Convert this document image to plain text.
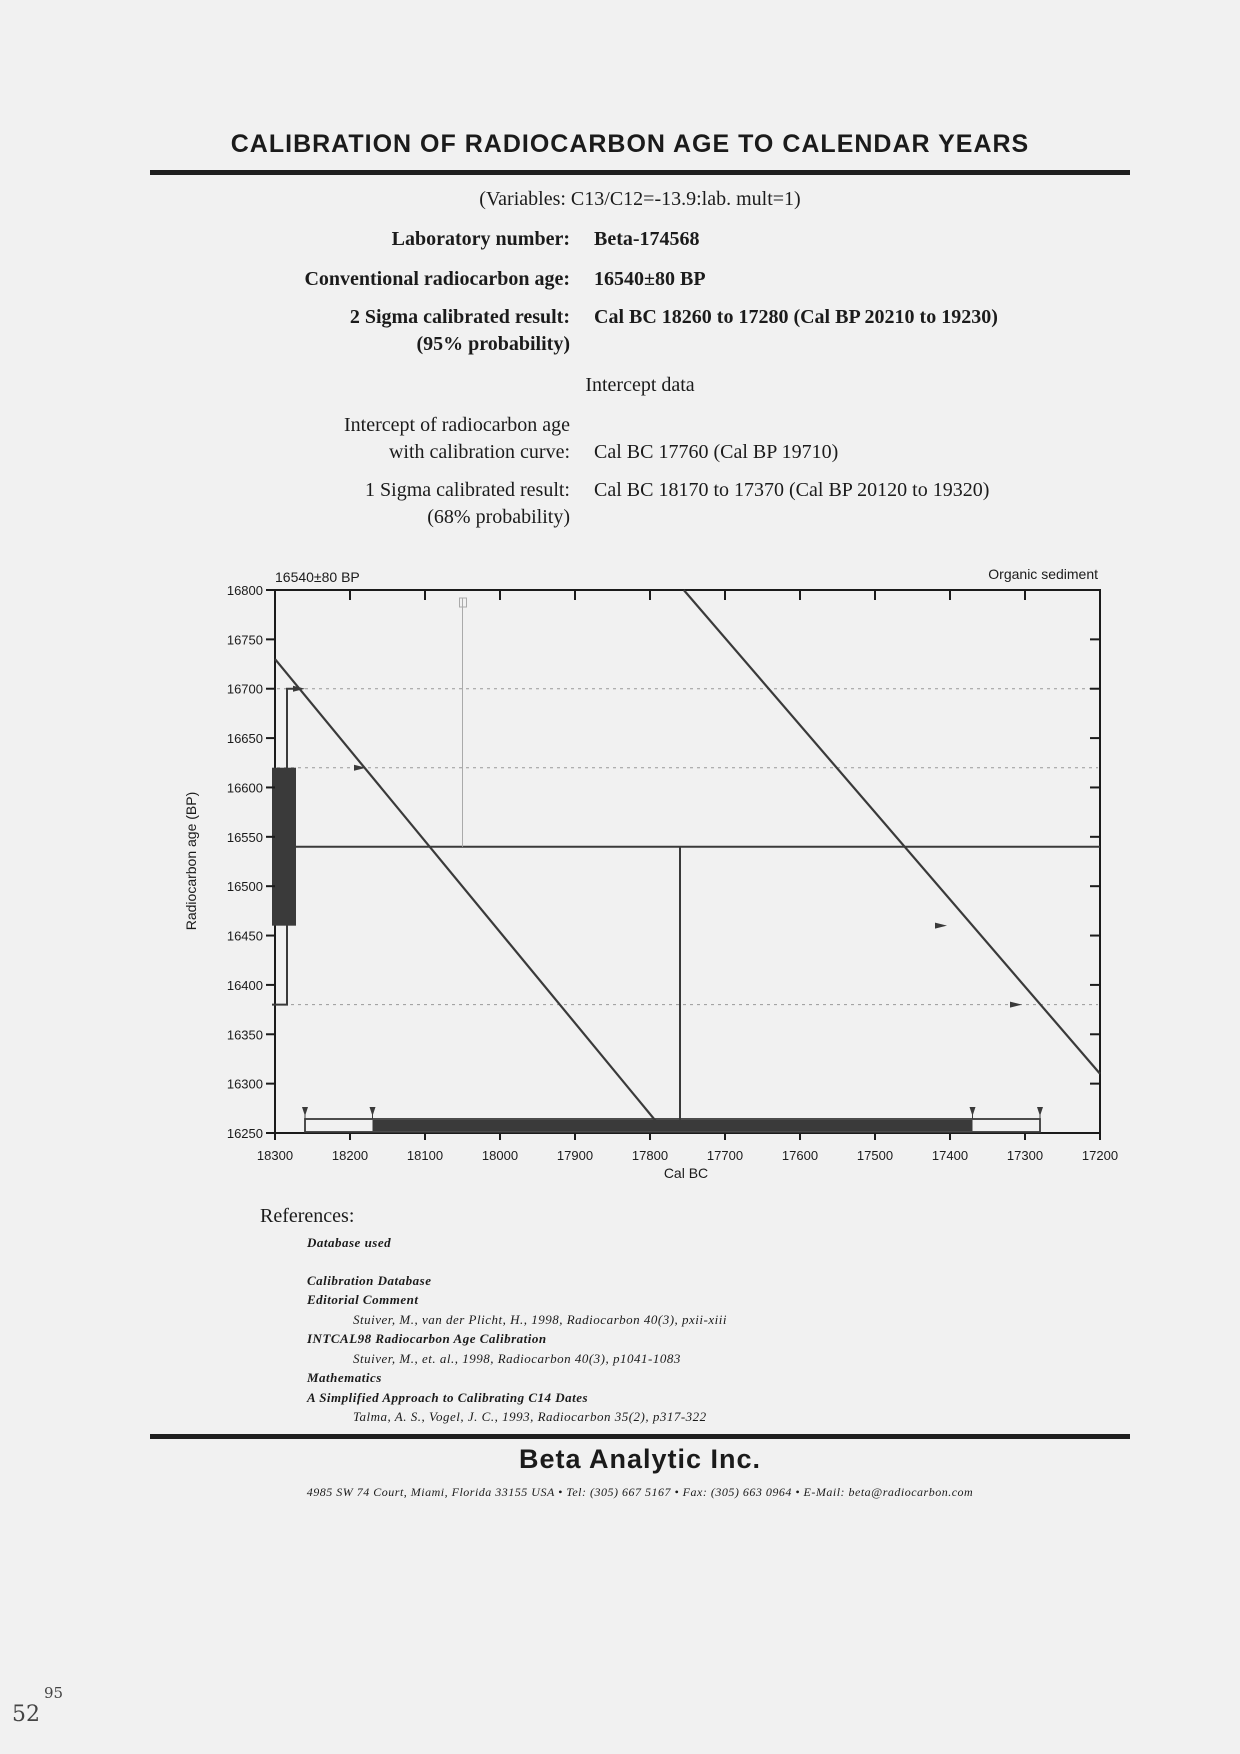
CALIBRATION OF RADIOCARBON AGE TO CALENDAR YEARS
(Variables: C13/C12=-13.9:lab. mult=1)
Laboratory number: Beta-174568
Conventional radiocarbon age: 16540±80 BP
2 Sigma calibrated result:
(95% probability)
Cal BC 18260 to 17280 (Cal BP 20210 to 19230)
Intercept data
Intercept of radiocarbon age
with calibration curve: Cal BC 17760 (Cal BP 19710)
1 Sigma calibrated result:
(68% probability)
Cal BC 18170 to 17370 (Cal BP 20120 to 19320)
18300	18200	18100	18000	17900	17800	17700	17600	17500	17400	17300	17200
16800
16750
16700
16650
16600
16550
16500
16450
16400
16350
16300
16250
16540±80 BP	Organic sediment
Cal BC
Radiocarbon age (BP)
References:
Database used
Calibration Database
Editorial Comment
Stuiver, M., van der Plicht, H., 1998, Radiocarbon 40(3), pxii-xiii
INTCAL98 Radiocarbon Age Calibration
Stuiver, M., et. al., 1998, Radiocarbon 40(3), p1041-1083
Mathematics
A Simplified Approach to Calibrating C14 Dates
Talma, A. S., Vogel, J. C., 1993, Radiocarbon 35(2), p317-322
Beta Analytic Inc.
4985 SW 74 Court, Miami, Florida 33155 USA • Tel: (305) 667 5167 • Fax: (305) 663 0964 • E-Mail: beta@radiocarbon.com
52
95
